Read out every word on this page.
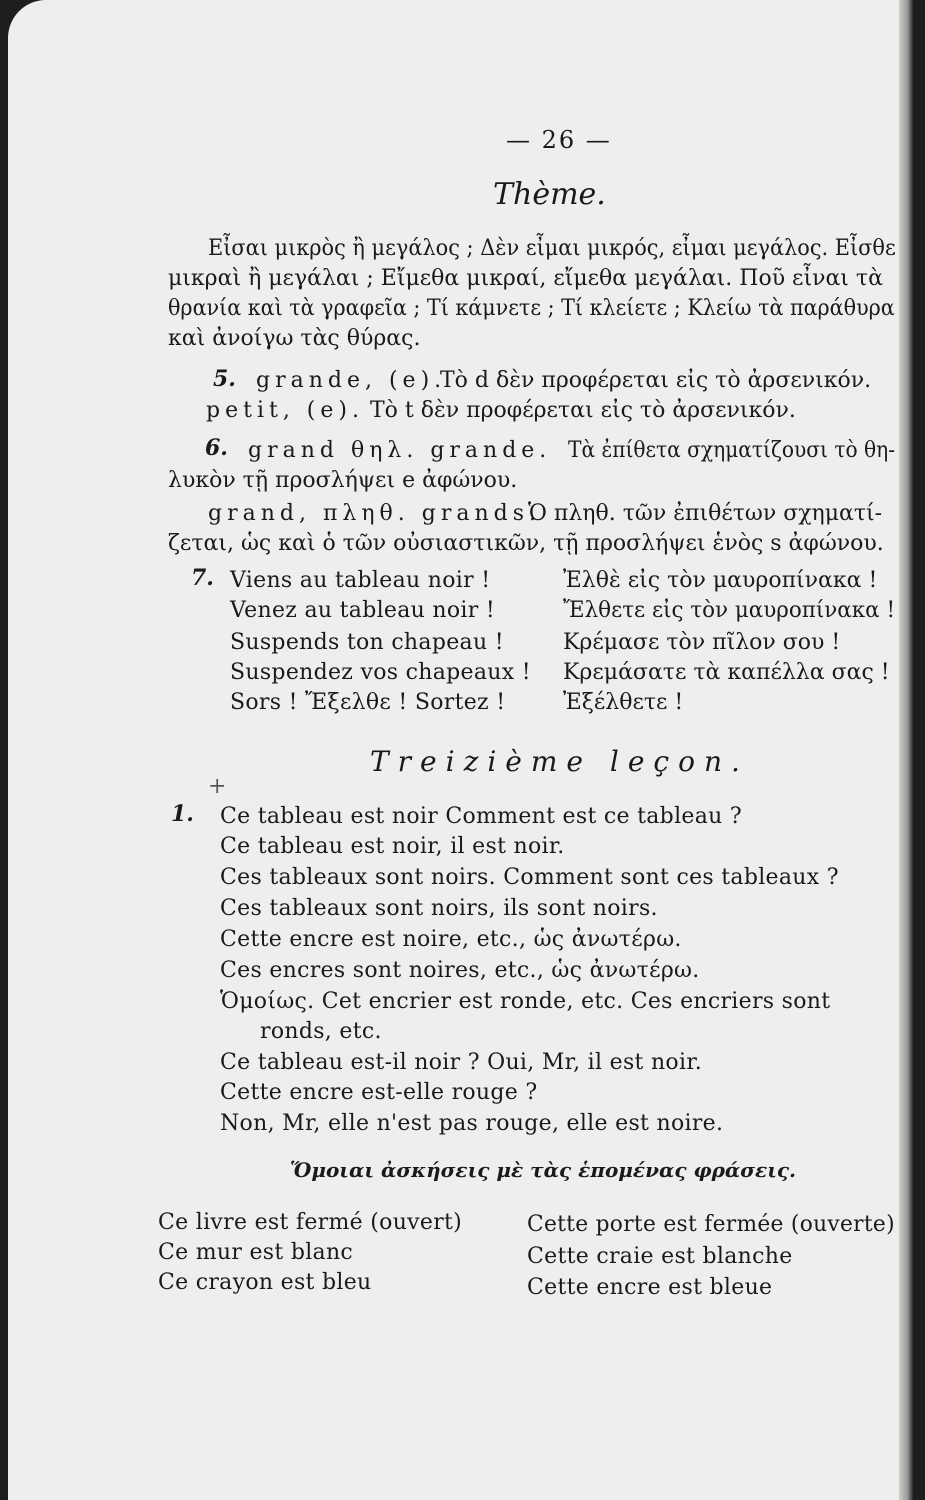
— 26 —
Thème.
Εἶσαι μικρὸς ἢ μεγάλος ; Δὲν εἶμαι μικρός, εἶμαι μεγάλος. Εἶσθε
μικραὶ ἢ μεγάλαι ; Εἴμεθα μικραί, εἴμεθα μεγάλαι. Ποῦ εἶναι τὰ
θρανία καὶ τὰ γραφεῖα ; Τί κάμνετε ; Τί κλείετε ; Κλείω τὰ παράθυρα
καὶ ἀνοίγω τὰς θύρας.
5. grande, (e).
Τὸ d δὲν προφέρεται εἰς τὸ ἀρσενικόν.
petit, (e). Τὸ t δὲν προφέρεται εἰς τὸ ἀρσενικόν.
6. grand θηλ. grande. Τὰ ἐπίθετα σχηματίζουσι τὸ θη-
λυκὸν τῇ προσλήψει e ἀφώνου.
grand, πληθ. grands.
Ὁ πληθ. τῶν ἐπιθέτων σχηματί-
ζεται, ὡς καὶ ὁ τῶν οὐσιαστικῶν, τῇ προσλήψει ἑνὸς s ἀφώνου.
7. Viens au tableau noir !
Venez au tableau noir !
Suspends ton chapeau !
Suspendez vos chapeaux !
Sors ! Ἔξελθε ! Sortez !
Ἐλθὲ εἰς τὸν μαυροπίνακα !
Ἔλθετε εἰς τὸν μαυροπίνακα !
Κρέμασε τὸν πῖλον σου !
Κρεμάσατε τὰ καπέλλα σας !
Ἐξέλθετε !
Treizième leçon.
+
1. Ce tableau est noir Comment est ce tableau ?
Ce tableau est noir, il est noir.
Ces tableaux sont noirs. Comment sont ces tableaux ?
Ces tableaux sont noirs, ils sont noirs.
Cette encre est noire, etc., ὡς ἀνωτέρω.
Ces encres sont noires, etc., ὡς ἀνωτέρω.
Ὁμοίως. Cet encrier est ronde, etc. Ces encriers sont
ronds, etc.
Ce tableau est-il noir ? Oui, Mr, il est noir.
Cette encre est-elle rouge ?
Non, Mr, elle n'est pas rouge, elle est noire.
Ὅμοιαι ἀσκήσεις μὲ τὰς ἑπομένας φράσεις.
Ce livre est fermé (ouvert)
Ce mur est blanc
Ce crayon est bleu
Cette porte est fermée (ouverte)
Cette craie est blanche
Cette encre est bleue
